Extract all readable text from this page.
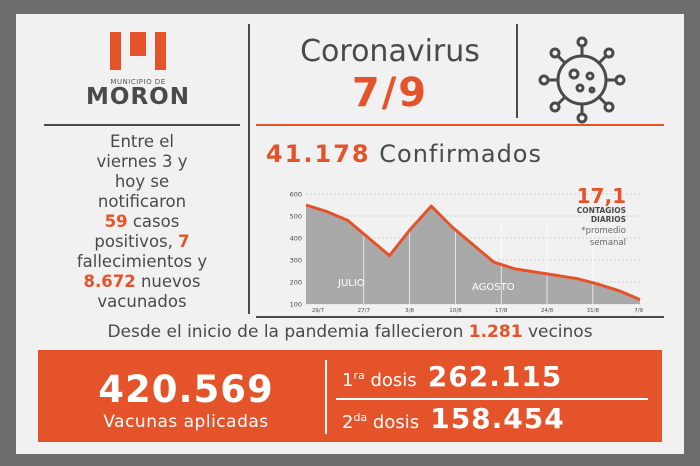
MUNICIPIO DE
MORON
Coronavirus
7/9
Entre el
viernes 3 y
hoy se
notificaron
59 casos
positivos, 7
fallecimientos y
8.672 nuevos
vacunados
41.178 Confirmados
600
500
400
300
200
100
29/7	27/7	3/8	10/8	17/8	24/8	31/8	7/9
JULIO	AGOSTO
17,1
CONTAGIOS
DIARIOS
*promedio
semanal
Desde el inicio de la pandemia fallecieron 1.281 vecinos
420.569
Vacunas aplicadas
$1^{ra}$ dosis 262.115
$2^{da}$ dosis 158.454
